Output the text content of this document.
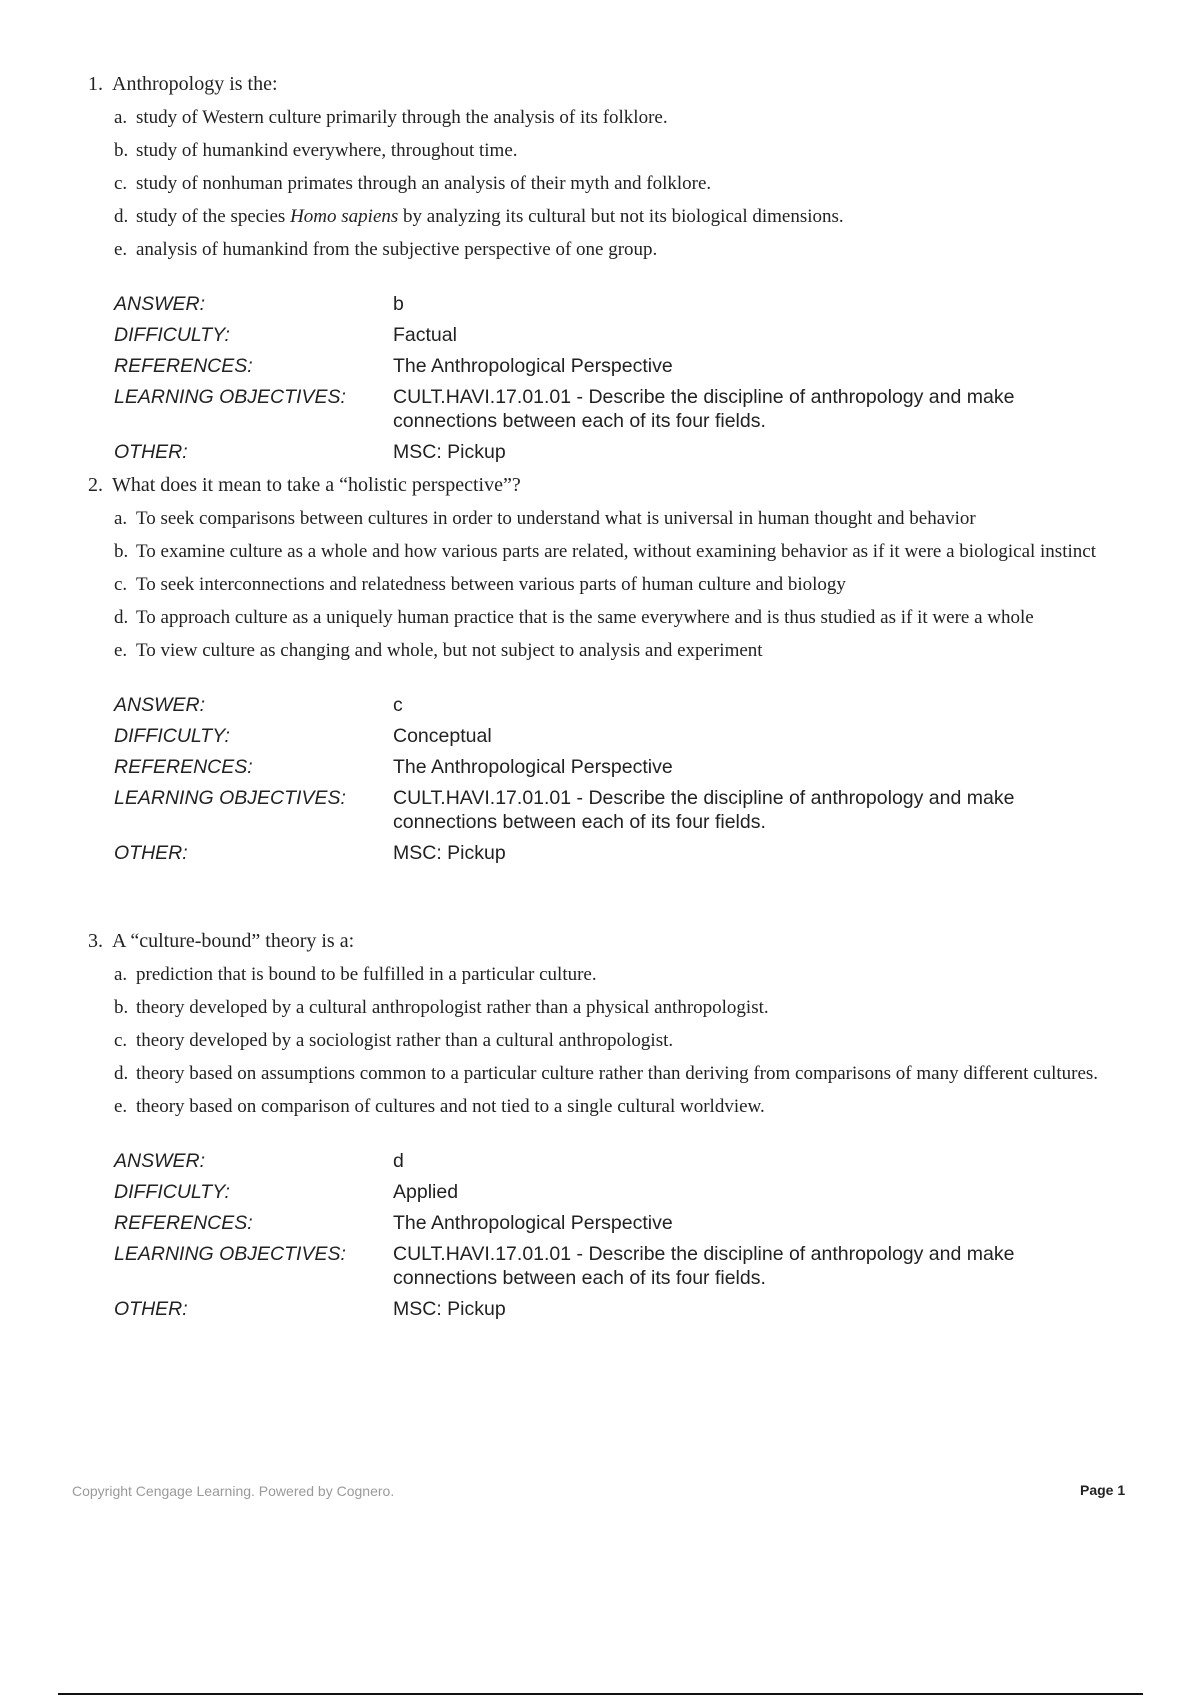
1. Anthropology is the:

a. study of Western culture primarily through the analysis of its folklore.
b. study of humankind everywhere, throughout time.
c. study of nonhuman primates through an analysis of their myth and folklore.
d. study of the species Homo sapiens by analyzing its cultural but not its biological dimensions.
e. analysis of humankind from the subjective perspective of one group.
ANSWER:	b
DIFFICULTY:	Factual
REFERENCES:	The Anthropological Perspective
LEARNING OBJECTIVES:	CULT.HAVI.17.01.01 - Describe the discipline of anthropology and make connections between each of its four fields.
OTHER:	MSC: Pickup

2. What does it mean to take a “holistic perspective”?

a. To seek comparisons between cultures in order to understand what is universal in human thought and behavior
b. To examine culture as a whole and how various parts are related, without examining behavior as if it were a biological instinct
c. To seek interconnections and relatedness between various parts of human culture and biology
d. To approach culture as a uniquely human practice that is the same everywhere and is thus studied as if it were a whole
e. To view culture as changing and whole, but not subject to analysis and experiment
ANSWER:	c
DIFFICULTY:	Conceptual
REFERENCES:	The Anthropological Perspective
LEARNING OBJECTIVES:	CULT.HAVI.17.01.01 - Describe the discipline of anthropology and make connections between each of its four fields.
OTHER:	MSC: Pickup

3. A “culture-bound” theory is a:

a. prediction that is bound to be fulfilled in a particular culture.
b. theory developed by a cultural anthropologist rather than a physical anthropologist.
c. theory developed by a sociologist rather than a cultural anthropologist.
d. theory based on assumptions common to a particular culture rather than deriving from comparisons of many different cultures.
e. theory based on comparison of cultures and not tied to a single cultural worldview.
ANSWER:	d
DIFFICULTY:	Applied
REFERENCES:	The Anthropological Perspective
LEARNING OBJECTIVES:	CULT.HAVI.17.01.01 - Describe the discipline of anthropology and make connections between each of its four fields.
OTHER:	MSC: Pickup
Copyright Cengage Learning. Powered by Cognero.	Page 1
